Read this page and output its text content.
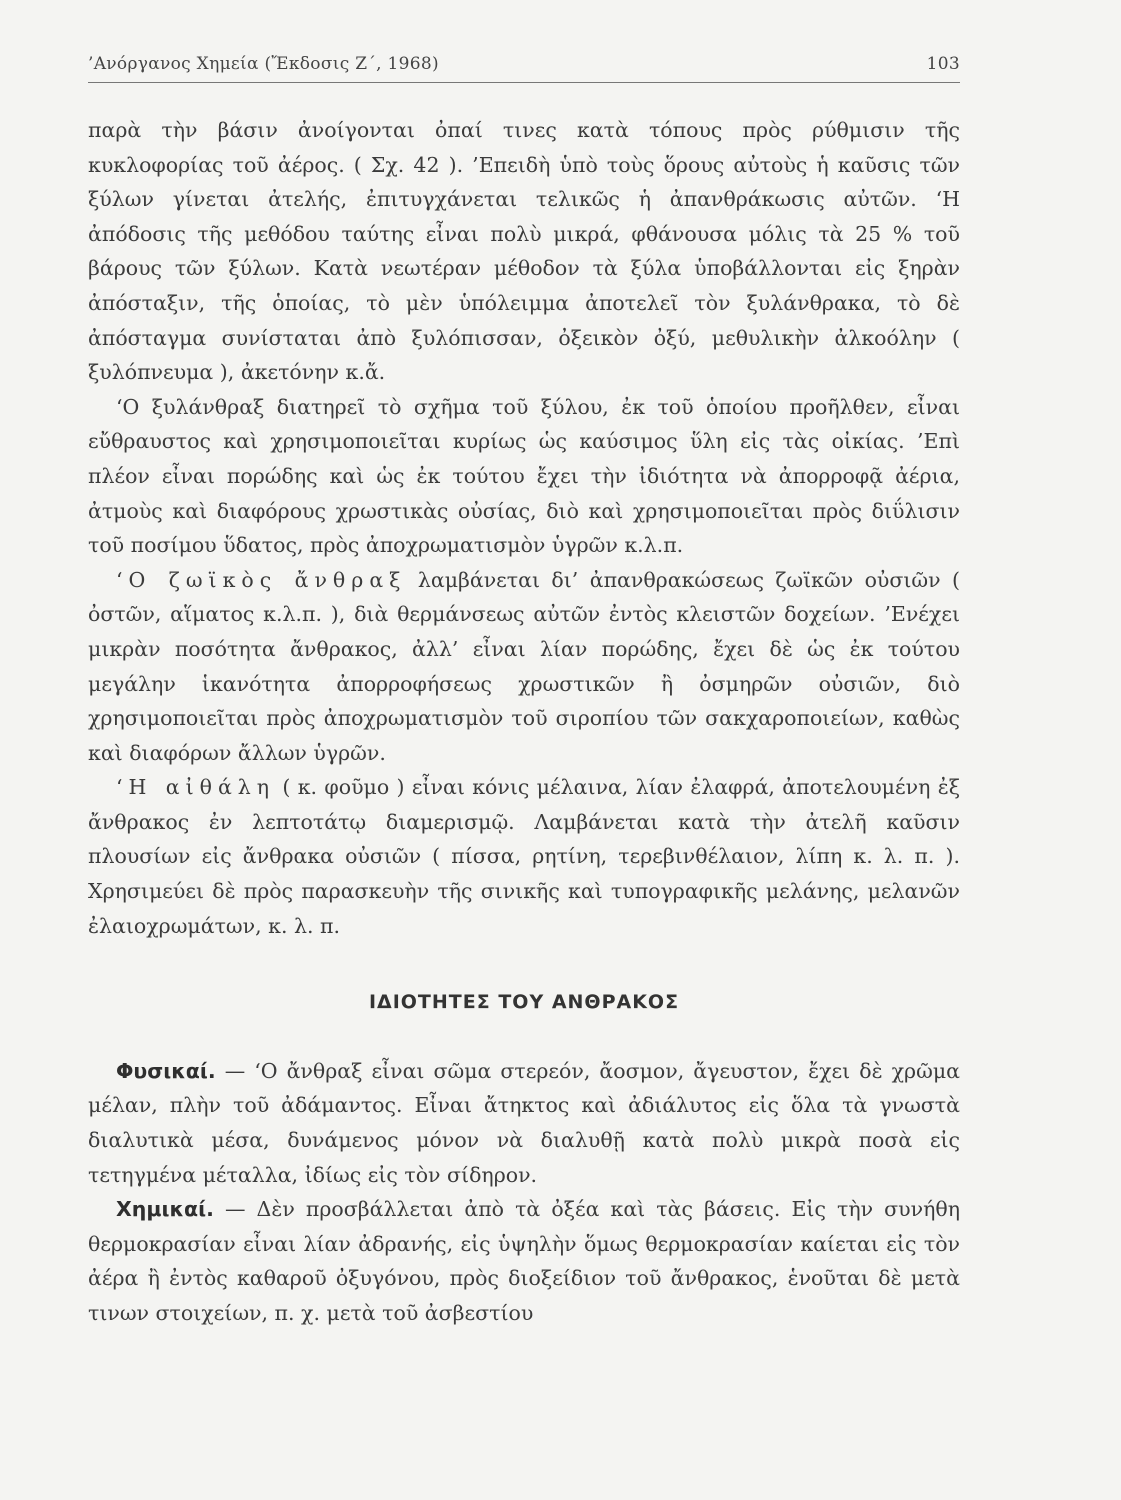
’Ανόργανος Χημεία (Ἔκδοσις Ζ΄, 1968)	103

παρὰ τὴν βάσιν ἀνοίγονται ὀπαί τινες κατὰ τόπους πρὸς ρύθμισιν τῆς κυκλοφορίας τοῦ ἀέρος. ( Σχ. 42 ). ’Επειδὴ ὑπὸ τοὺς ὅρους αὐτοὺς ἡ καῦσις τῶν ξύλων γίνεται ἀτελής, ἐπιτυγχάνεται τελικῶς ἡ ἀπανθράκωσις αὐτῶν. ‘Η ἀπόδοσις τῆς μεθόδου ταύτης εἶναι πολὺ μικρά, φθάνουσα μόλις τὰ 25 % τοῦ βάρους τῶν ξύλων. Κατὰ νεωτέραν μέθοδον τὰ ξύλα ὑποβάλλονται εἰς ξηρὰν ἀπόσταξιν, τῆς ὁποίας, τὸ μὲν ὑπόλειμμα ἀποτελεῖ τὸν ξυλάνθρακα, τὸ δὲ ἀπόσταγμα συνίσταται ἀπὸ ξυλόπισσαν, ὀξεικὸν ὀξύ, μεθυλικὴν ἀλκοόλην ( ξυλόπνευμα ), ἀκετόνην κ.ἄ.

‘Ο ξυλάνθραξ διατηρεῖ τὸ σχῆμα τοῦ ξύλου, ἐκ τοῦ ὁποίου προῆλθεν, εἶναι εὔθραυστος καὶ χρησιμοποιεῖται κυρίως ὡς καύσιμος ὕλη εἰς τὰς οἰκίας. ’Επὶ πλέον εἶναι πορώδης καὶ ὡς ἐκ τούτου ἔχει τὴν ἰδιότητα νὰ ἀπορροφᾷ ἀέρια, ἀτμοὺς καὶ διαφόρους χρωστικὰς οὐσίας, διὸ καὶ χρησιμοποιεῖται πρὸς διΰλισιν τοῦ ποσίμου ὕδατος, πρὸς ἀποχρωματισμὸν ὑγρῶν κ.λ.π.

‘Ο ζωϊκὸς ἄνθραξ λαμβάνεται δι’ ἀπανθρακώσεως ζωϊκῶν οὐσιῶν ( ὀστῶν, αἵματος κ.λ.π. ), διὰ θερμάνσεως αὐτῶν ἐντὸς κλειστῶν δοχείων. ’Ενέχει μικρὰν ποσότητα ἄνθρακος, ἀλλ’ εἶναι λίαν πορώδης, ἔχει δὲ ὡς ἐκ τούτου μεγάλην ἱκανότητα ἀπορροφήσεως χρωστικῶν ἢ ὀσμηρῶν οὐσιῶν, διὸ χρησιμοποιεῖται πρὸς ἀποχρωματισμὸν τοῦ σιροπίου τῶν σακχαροποιείων, καθὼς καὶ διαφόρων ἄλλων ὑγρῶν.

‘Η αἰθάλη ( κ. φοῦμο ) εἶναι κόνις μέλαινα, λίαν ἐλαφρά, ἀποτελουμένη ἐξ ἄνθρακος ἐν λεπτοτάτῳ διαμερισμῷ. Λαμβάνεται κατὰ τὴν ἀτελῆ καῦσιν πλουσίων εἰς ἄνθρακα οὐσιῶν ( πίσσα, ρητίνη, τερεβινθέλαιον, λίπη κ. λ. π. ). Χρησιμεύει δὲ πρὸς παρασκευὴν τῆς σινικῆς καὶ τυπογραφικῆς μελάνης, μελανῶν ἐλαιοχρωμάτων, κ. λ. π.

ΙΔΙΟΤΗΤΕΣ ΤΟΥ ΑΝΘΡΑΚΟΣ

Φυσικαί. — ‘Ο ἄνθραξ εἶναι σῶμα στερεόν, ἄοσμον, ἄγευστον, ἔχει δὲ χρῶμα μέλαν, πλὴν τοῦ ἀδάμαντος. Εἶναι ἄτηκτος καὶ ἀδιάλυτος εἰς ὅλα τὰ γνωστὰ διαλυτικὰ μέσα, δυνάμενος μόνον νὰ διαλυθῇ κατὰ πολὺ μικρὰ ποσὰ εἰς τετηγμένα μέταλλα, ἰδίως εἰς τὸν σίδηρον.

Χημικαί. — Δὲν προσβάλλεται ἀπὸ τὰ ὀξέα καὶ τὰς βάσεις. Εἰς τὴν συνήθη θερμοκρασίαν εἶναι λίαν ἀδρανής, εἰς ὑψηλὴν ὅμως θερμοκρασίαν καίεται εἰς τὸν ἀέρα ἢ ἐντὸς καθαροῦ ὀξυγόνου, πρὸς διοξείδιον τοῦ ἄνθρακος, ἑνοῦται δὲ μετὰ τινων στοιχείων, π. χ. μετὰ τοῦ ἀσβεστίου
